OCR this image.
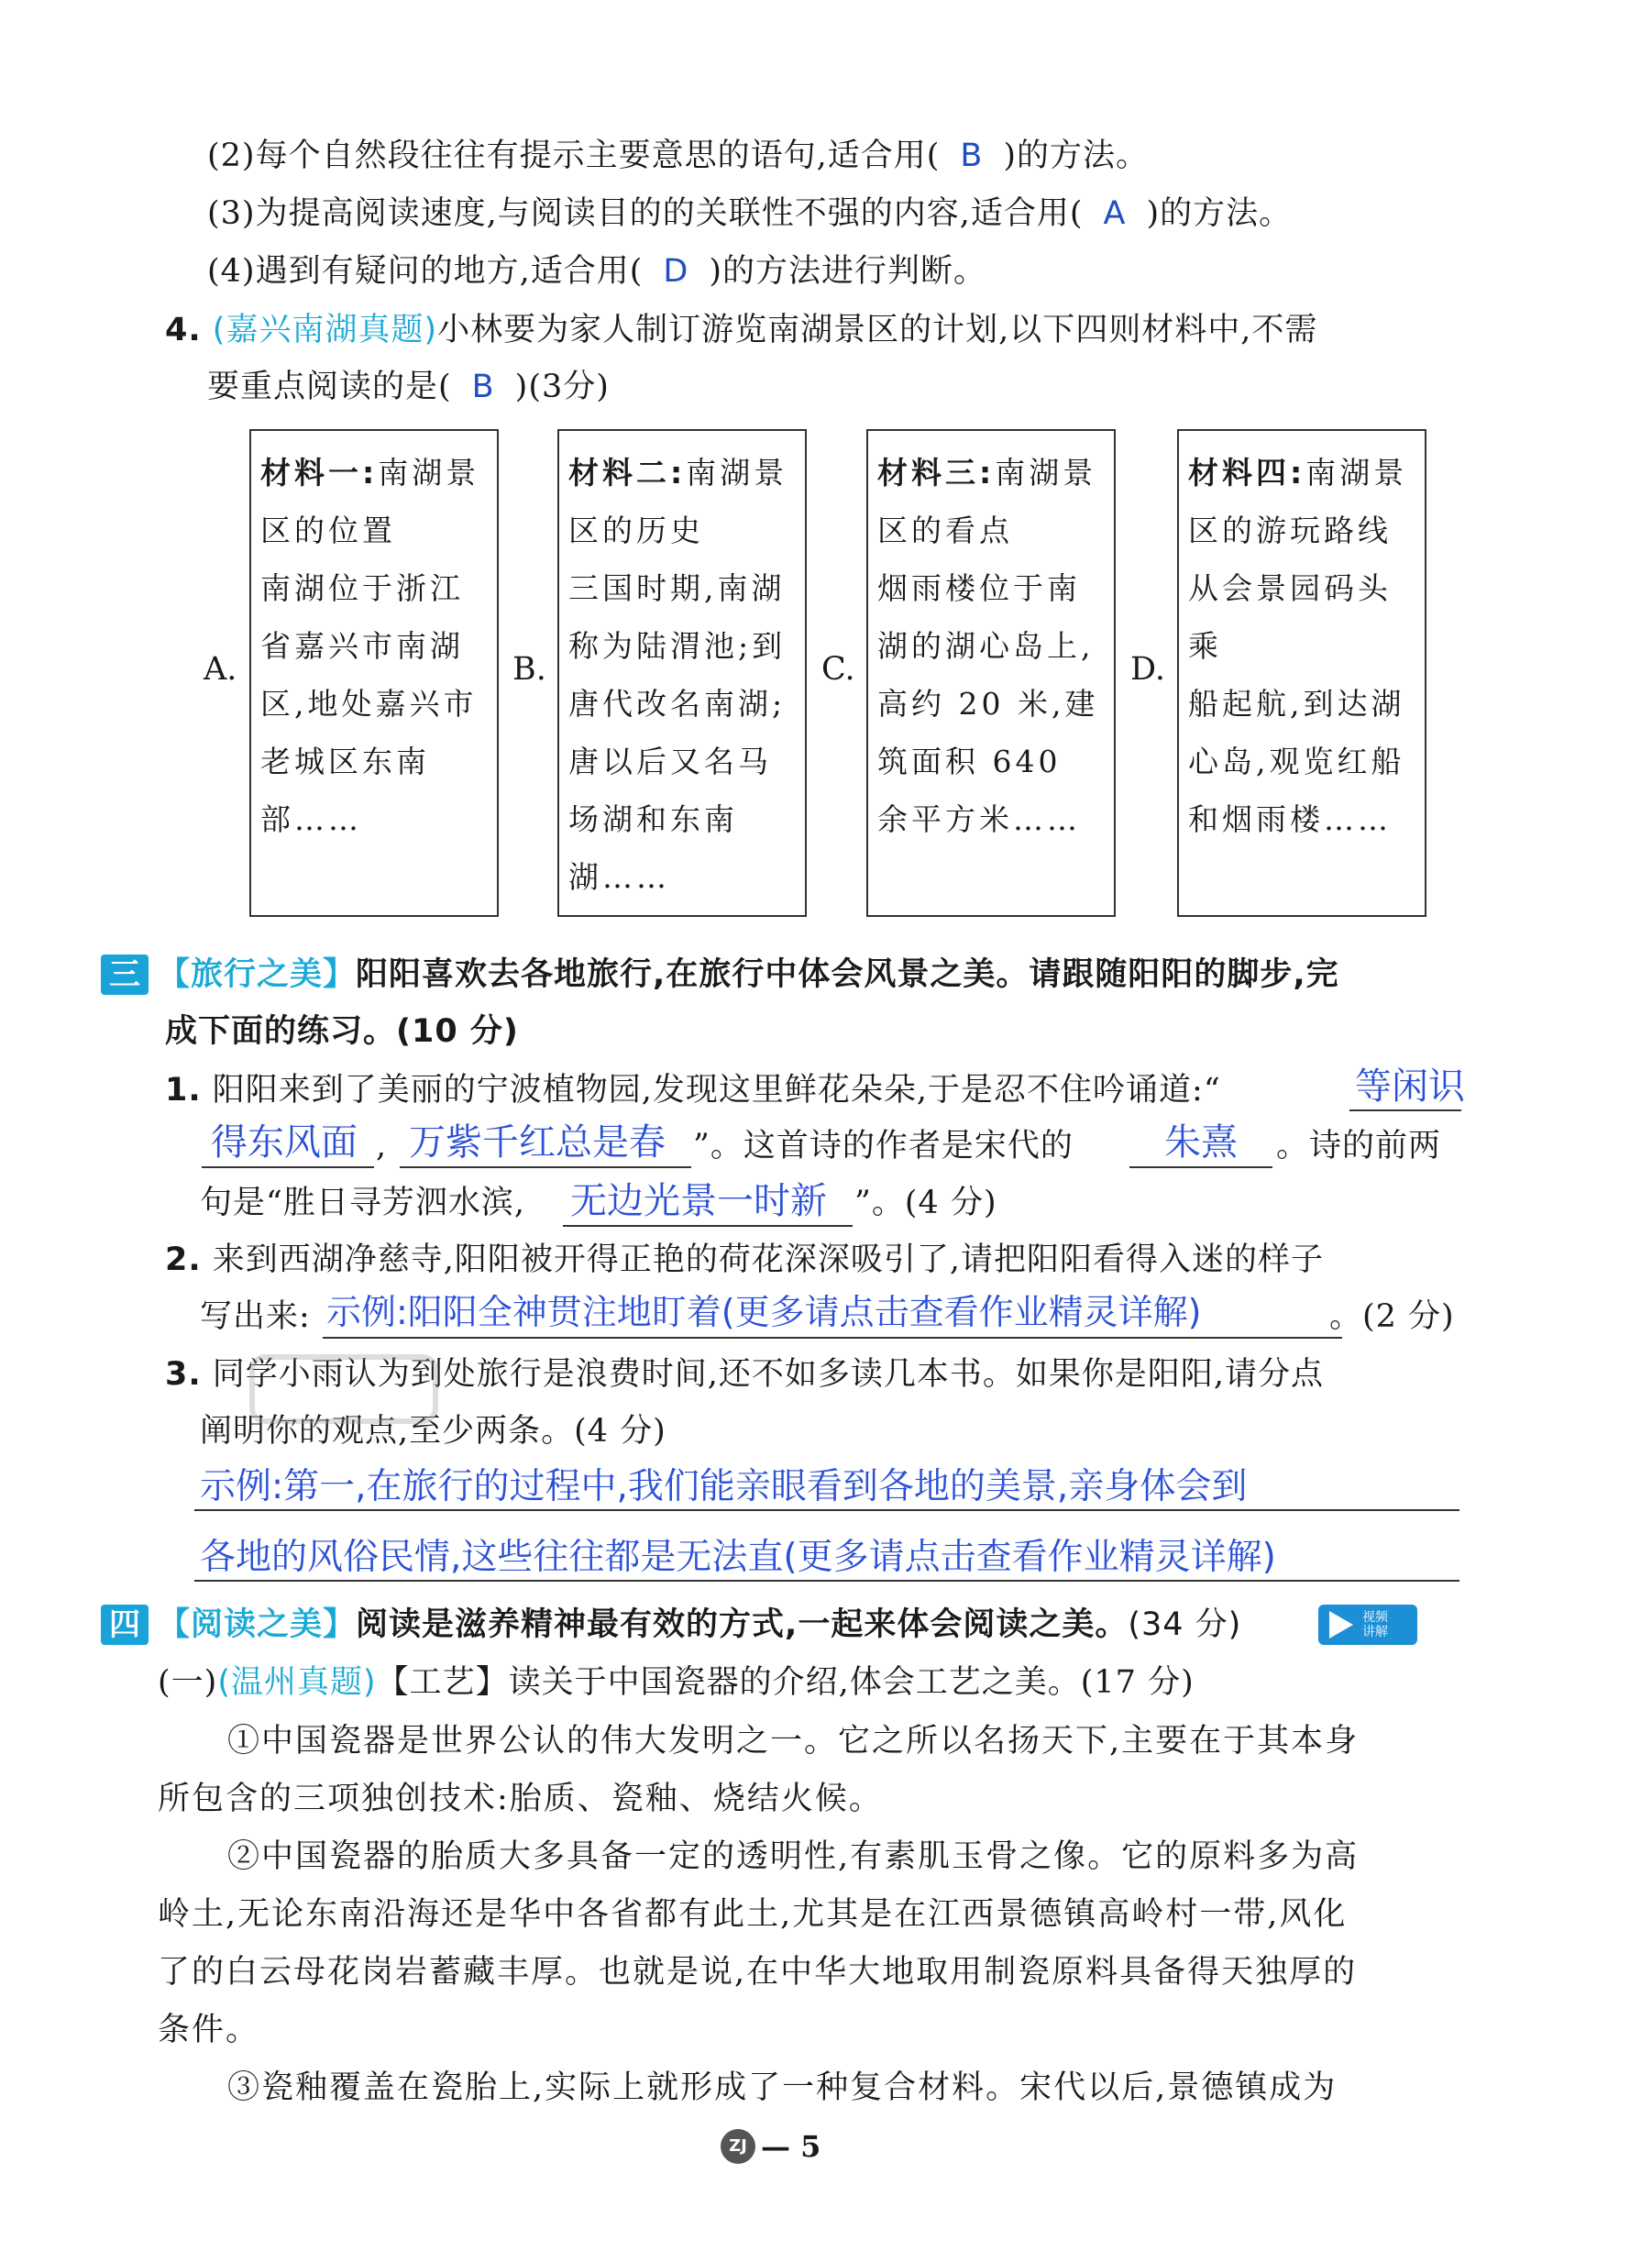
(2)每个自然段往往有提示主要意思的语句,适合用( B )的方法。
(3)为提高阅读速度,与阅读目的的关联性不强的内容,适合用( A )的方法。
(4)遇到有疑问的地方,适合用( D )的方法进行判断。
4. (嘉兴南湖真题)小林要为家人制订游览南湖景区的计划,以下四则材料中,不需
要重点阅读的是( B )(3分)
A.
材料一:南湖景
区的位置
南湖位于浙江
省嘉兴市南湖
区,地处嘉兴市
老城区东南
部……
B.
材料二:南湖景
区的历史
三国时期,南湖
称为陆渭池;到
唐代改名南湖;
唐以后又名马
场湖和东南
湖……
C.
材料三:南湖景
区的看点
烟雨楼位于南
湖的湖心岛上,
高约 20 米,建
筑面积 640
余平方米……
D.
材料四:南湖景
区的游玩路线
从会景园码头乘
船起航,到达湖
心岛,观览红船
和烟雨楼……
三 【旅行之美】阳阳喜欢去各地旅行,在旅行中体会风景之美。请跟随阳阳的脚步,完
成下面的练习。(10 分)
1. 阳阳来到了美丽的宁波植物园,发现这里鲜花朵朵,于是忍不住吟诵道:“	等闲识
得东风面 , 万紫千红总是春 ”。这首诗的作者是宋代的 朱熹 。诗的前两
句是“胜日寻芳泗水滨, 无边光景一时新 ”。(4 分)
2. 来到西湖净慈寺,阳阳被开得正艳的荷花深深吸引了,请把阳阳看得入迷的样子
写出来: 示例:阳阳全神贯注地盯着(更多请点击查看作业精灵详解)	。(2 分)
3. 同学小雨认为到处旅行是浪费时间,还不如多读几本书。如果你是阳阳,请分点
阐明你的观点,至少两条。(4 分)
示例:第一,在旅行的过程中,我们能亲眼看到各地的美景,亲身体会到
各地的风俗民情,这些往往都是无法直(更多请点击查看作业精灵详解)
四 【阅读之美】阅读是滋养精神最有效的方式,一起来体会阅读之美。(34 分)	视频
讲解
(一)(温州真题)【工艺】读关于中国瓷器的介绍,体会工艺之美。(17 分)
①中国瓷器是世界公认的伟大发明之一。它之所以名扬天下,主要在于其本身
所包含的三项独创技术:胎质、瓷釉、烧结火候。
②中国瓷器的胎质大多具备一定的透明性,有素肌玉骨之像。它的原料多为高
岭土,无论东南沿海还是华中各省都有此土,尤其是在江西景德镇高岭村一带,风化
了的白云母花岗岩蓄藏丰厚。也就是说,在中华大地取用制瓷原料具备得天独厚的
条件。
③瓷釉覆盖在瓷胎上,实际上就形成了一种复合材料。宋代以后,景德镇成为
ZJ — 5
